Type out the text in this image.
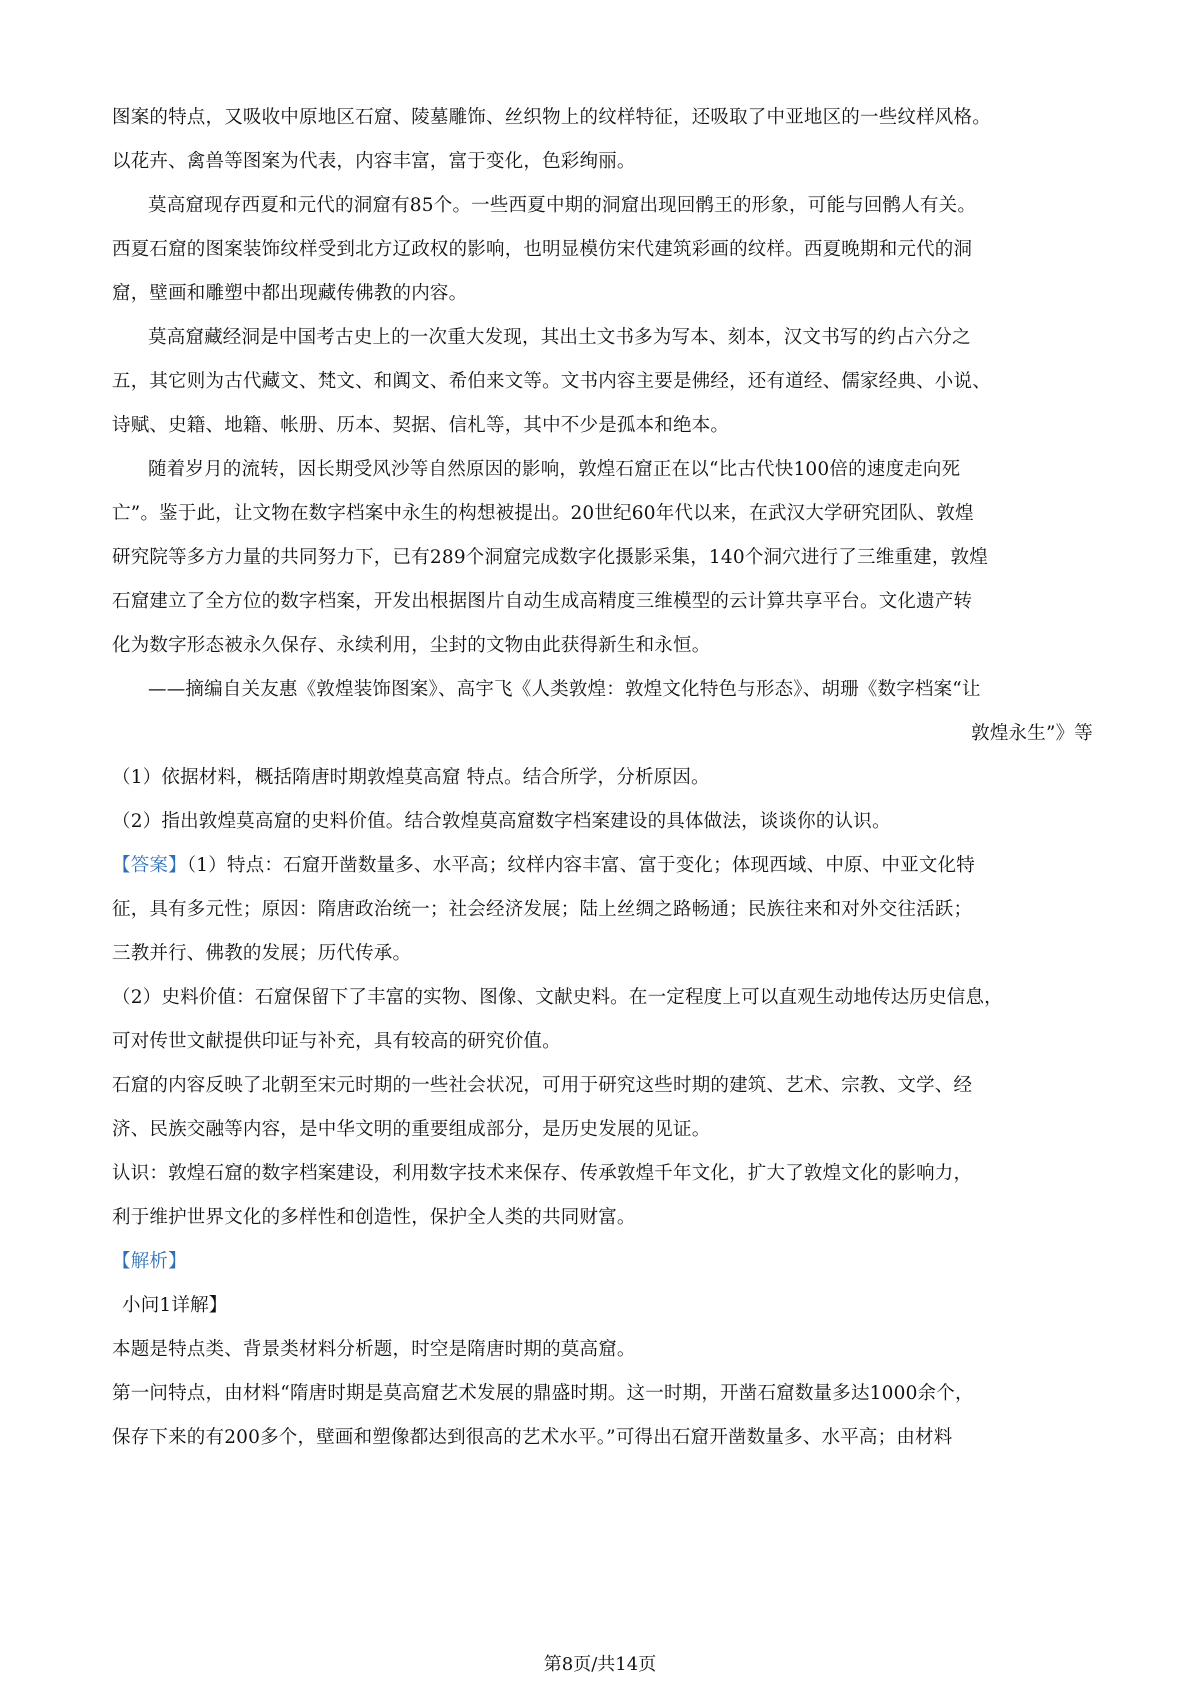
图案的特点，又吸收中原地区石窟、陵墓雕饰、丝织物上的纹样特征，还吸取了中亚地区的一些纹样风格。
以花卉、禽兽等图案为代表，内容丰富，富于变化，色彩绚丽。
莫高窟现存西夏和元代的洞窟有85个。一些西夏中期的洞窟出现回鹘王的形象，可能与回鹘人有关。
西夏石窟的图案装饰纹样受到北方辽政权的影响，也明显模仿宋代建筑彩画的纹样。西夏晚期和元代的洞
窟，壁画和雕塑中都出现藏传佛教的内容。
莫高窟藏经洞是中国考古史上的一次重大发现，其出土文书多为写本、刻本，汉文书写的约占六分之
五，其它则为古代藏文、梵文、和阗文、希伯来文等。文书内容主要是佛经，还有道经、儒家经典、小说、
诗赋、史籍、地籍、帐册、历本、契据、信札等，其中不少是孤本和绝本。
随着岁月的流转，因长期受风沙等自然原因的影响，敦煌石窟正在以“比古代快100倍的速度走向死
亡”。鉴于此，让文物在数字档案中永生的构想被提出。20世纪60年代以来，在武汉大学研究团队、敦煌
研究院等多方力量的共同努力下，已有289个洞窟完成数字化摄影采集，140个洞穴进行了三维重建，敦煌
石窟建立了全方位的数字档案，开发出根据图片自动生成高精度三维模型的云计算共享平台。文化遗产转
化为数字形态被永久保存、永续利用，尘封的文物由此获得新生和永恒。
——摘编自关友惠《敦煌装饰图案》、高宇飞《人类敦煌：敦煌文化特色与形态》、胡珊《数字档案“让
敦煌永生”》等
（1）依据材料，概括隋唐时期敦煌莫高窟 特点。结合所学，分析原因。
（2）指出敦煌莫高窟的史料价值。结合敦煌莫高窟数字档案建设的具体做法，谈谈你的认识。
【答案】（1）特点：石窟开凿数量多、水平高；纹样内容丰富、富于变化；体现西域、中原、中亚文化特
征，具有多元性；原因：隋唐政治统一；社会经济发展；陆上丝绸之路畅通；民族往来和对外交往活跃；
三教并行、佛教的发展；历代传承。
（2）史料价值：石窟保留下了丰富的实物、图像、文献史料。在一定程度上可以直观生动地传达历史信息，
可对传世文献提供印证与补充，具有较高的研究价值。
石窟的内容反映了北朝至宋元时期的一些社会状况，可用于研究这些时期的建筑、艺术、宗教、文学、经
济、民族交融等内容，是中华文明的重要组成部分，是历史发展的见证。
认识：敦煌石窟的数字档案建设，利用数字技术来保存、传承敦煌千年文化，扩大了敦煌文化的影响力，
利于维护世界文化的多样性和创造性，保护全人类的共同财富。
【解析】
小问1详解】
本题是特点类、背景类材料分析题，时空是隋唐时期的莫高窟。
第一问特点，由材料“隋唐时期是莫高窟艺术发展的鼎盛时期。这一时期，开凿石窟数量多达1000余个，
保存下来的有200多个，壁画和塑像都达到很高的艺术水平。”可得出石窟开凿数量多、水平高；由材料
第8页/共14页
